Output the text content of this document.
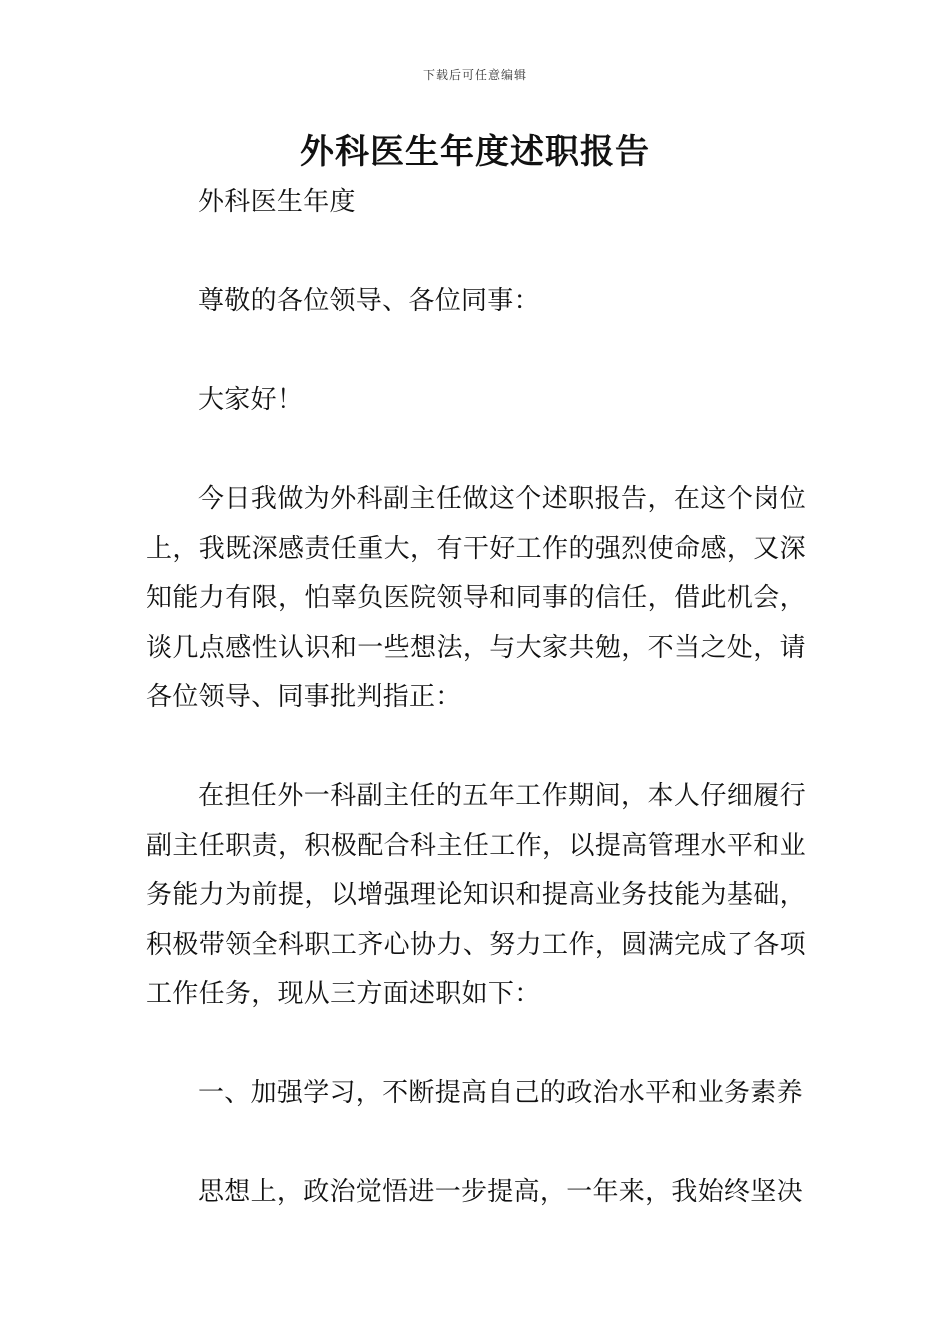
下载后可任意编辑
外科医生年度述职报告

外科医生年度

尊敬的各位领导、各位同事：

大家好！

今日我做为外科副主任做这个述职报告，在这个岗位上，我既深感责任重大，有干好工作的强烈使命感，又深知能力有限，怕辜负医院领导和同事的信任，借此机会，谈几点感性认识和一些想法，与大家共勉，不当之处，请各位领导、同事批判指正：

在担任外一科副主任的五年工作期间，本人仔细履行副主任职责，积极配合科主任工作，以提高管理水平和业务能力为前提，以增强理论知识和提高业务技能为基础，积极带领全科职工齐心协力、努力工作，圆满完成了各项工作任务，现从三方面述职如下：

一、加强学习，不断提高自己的政治水平和业务素养

思想上，政治觉悟进一步提高，一年来，我始终坚决
